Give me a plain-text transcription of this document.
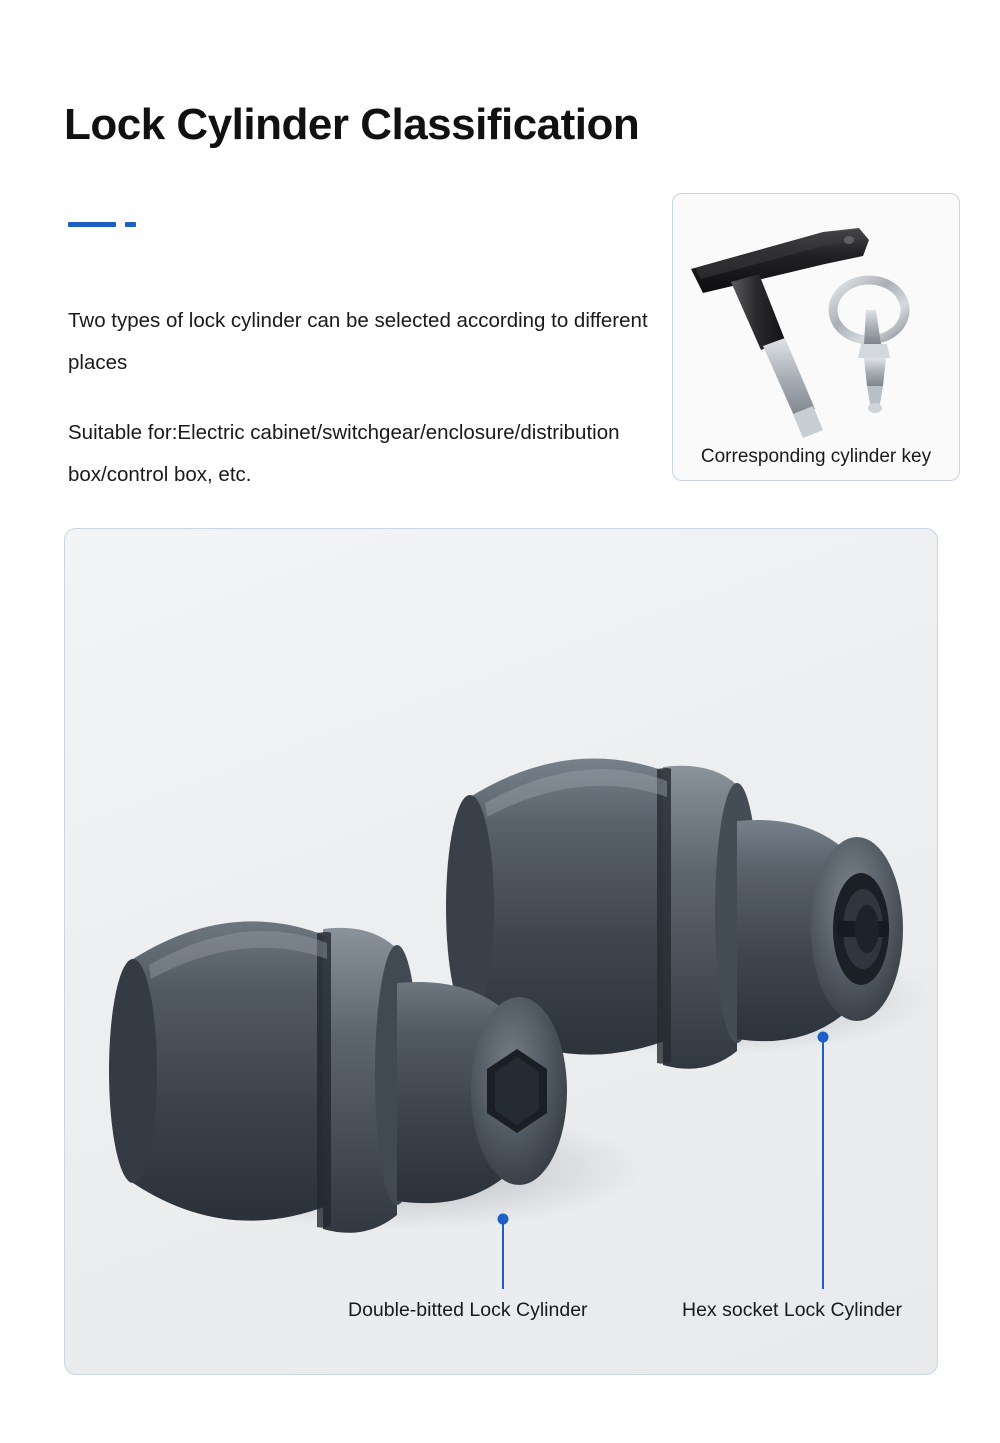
Lock Cylinder Classification

Two types of lock cylinder can be selected according to different places

Suitable for:Electric cabinet/switchgear/enclosure/distribution box/control box, etc.

Corresponding cylinder key
Double-bitted Lock Cylinder	Hex socket Lock Cylinder
